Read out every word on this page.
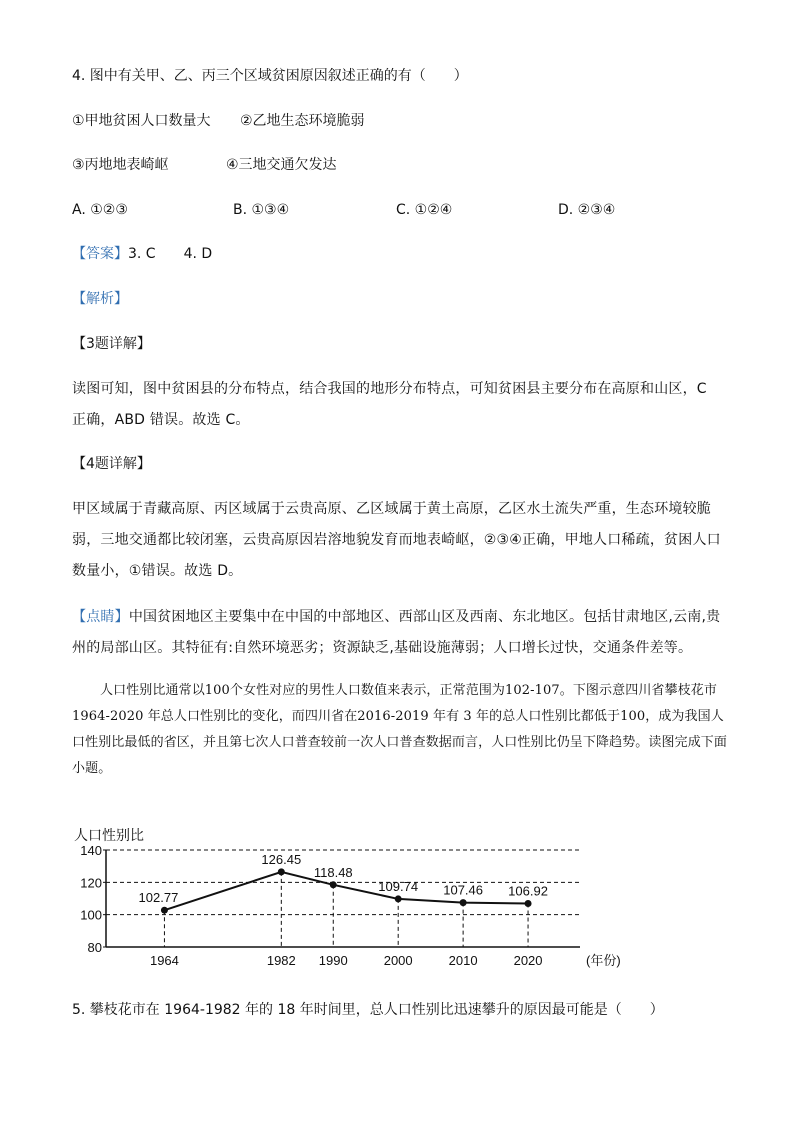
4. 图中有关甲、乙、丙三个区域贫困原因叙述正确的有（　　）
①甲地贫困人口数量大 ②乙地生态环境脆弱
③丙地地表崎岖	④三地交通欠发达
A. ①②③	B. ①③④	C. ①②④	D. ②③④
【答案】3. C　　4. D
【解析】
【3题详解】
读图可知，图中贫困县的分布特点，结合我国的地形分布特点，可知贫困县主要分布在高原和山区，C 正确，ABD 错误。故选 C。
【4题详解】
甲区域属于青藏高原、丙区域属于云贵高原、乙区域属于黄土高原，乙区水土流失严重，生态环境较脆弱，三地交通都比较闭塞，云贵高原因岩溶地貌发育而地表崎岖，②③④正确，甲地人口稀疏，贫困人口数量小，①错误。故选 D。
【点睛】中国贫困地区主要集中在中国的中部地区、西部山区及西南、东北地区。包括甘肃地区,云南,贵州的局部山区。其特征有:自然环境恶劣；资源缺乏,基础设施薄弱；人口增长过快，交通条件差等。
人口性别比通常以100个女性对应的男性人口数值来表示，正常范围为102-107。下图示意四川省攀枝花市 1964-2020 年总人口性别比的变化，而四川省在2016-2019 年有 3 年的总人口性别比都低于100，成为我国人口性别比最低的省区，并且第七次人口普查较前一次人口普查数据而言，人口性别比仍呈下降趋势。读图完成下面小题。
人口性别比
80
100
120
140
1964	1982 1990	2000	2010	2020	(年份)
102.77
126.45
118.48
109.74 107.46 106.92
5. 攀枝花市在 1964-1982 年的 18 年时间里，总人口性别比迅速攀升的原因最可能是（　　）
